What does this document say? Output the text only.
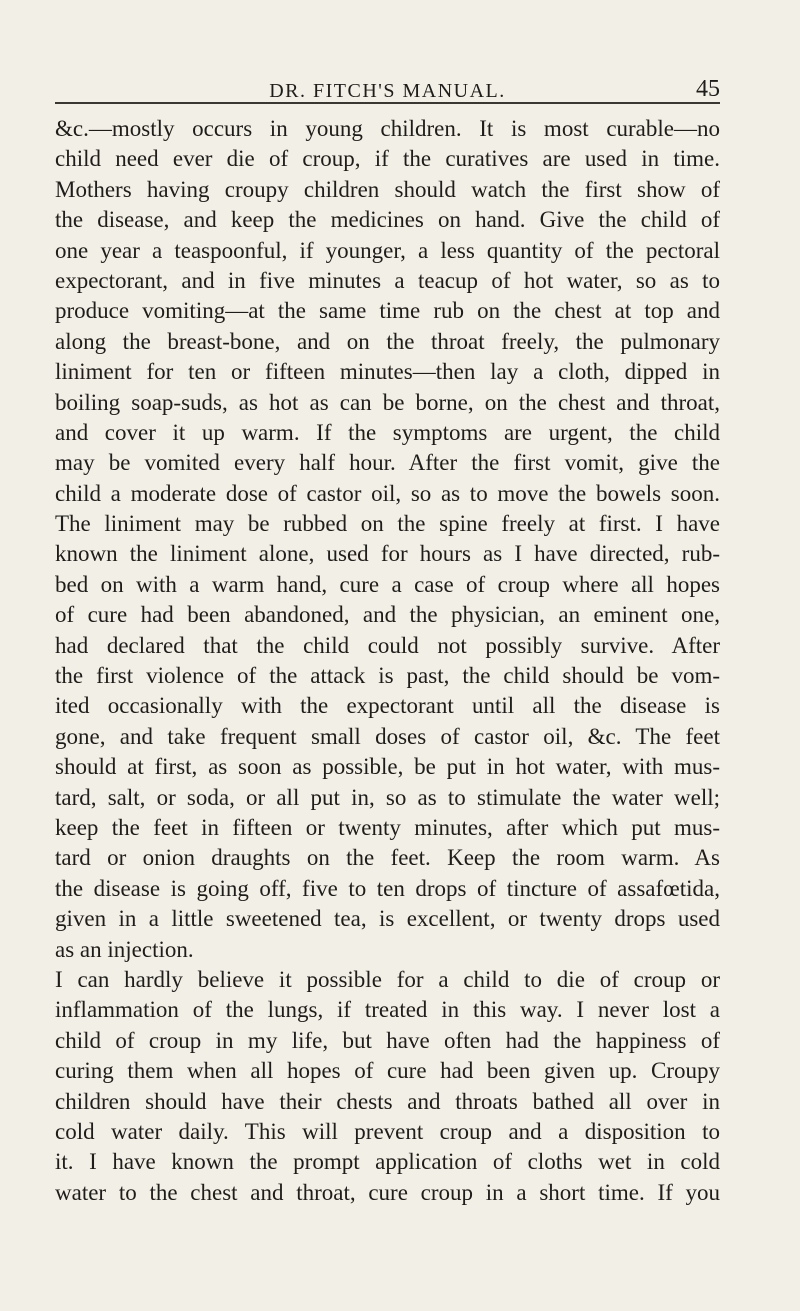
DR. FITCH'S MANUAL.	45
&c.—mostly occurs in young children. It is most curable—no
child need ever die of croup, if the curatives are used in time.
Mothers having croupy children should watch the first show of
the disease, and keep the medicines on hand. Give the child of
one year a teaspoonful, if younger, a less quantity of the pectoral
expectorant, and in five minutes a teacup of hot water, so as to
produce vomiting—at the same time rub on the chest at top and
along the breast-bone, and on the throat freely, the pulmonary
liniment for ten or fifteen minutes—then lay a cloth, dipped in
boiling soap-suds, as hot as can be borne, on the chest and throat,
and cover it up warm. If the symptoms are urgent, the child
may be vomited every half hour. After the first vomit, give the
child a moderate dose of castor oil, so as to move the bowels soon.
The liniment may be rubbed on the spine freely at first. I have
known the liniment alone, used for hours as I have directed, rub-
bed on with a warm hand, cure a case of croup where all hopes
of cure had been abandoned, and the physician, an eminent one,
had declared that the child could not possibly survive. After
the first violence of the attack is past, the child should be vom-
ited occasionally with the expectorant until all the disease is
gone, and take frequent small doses of castor oil, &c. The feet
should at first, as soon as possible, be put in hot water, with mus-
tard, salt, or soda, or all put in, so as to stimulate the water well;
keep the feet in fifteen or twenty minutes, after which put mus-
tard or onion draughts on the feet. Keep the room warm. As
the disease is going off, five to ten drops of tincture of assafœtida,
given in a little sweetened tea, is excellent, or twenty drops used
as an injection.
I can hardly believe it possible for a child to die of croup or
inflammation of the lungs, if treated in this way. I never lost a
child of croup in my life, but have often had the happiness of
curing them when all hopes of cure had been given up. Croupy
children should have their chests and throats bathed all over in
cold water daily. This will prevent croup and a disposition to
it. I have known the prompt application of cloths wet in cold
water to the chest and throat, cure croup in a short time. If you
